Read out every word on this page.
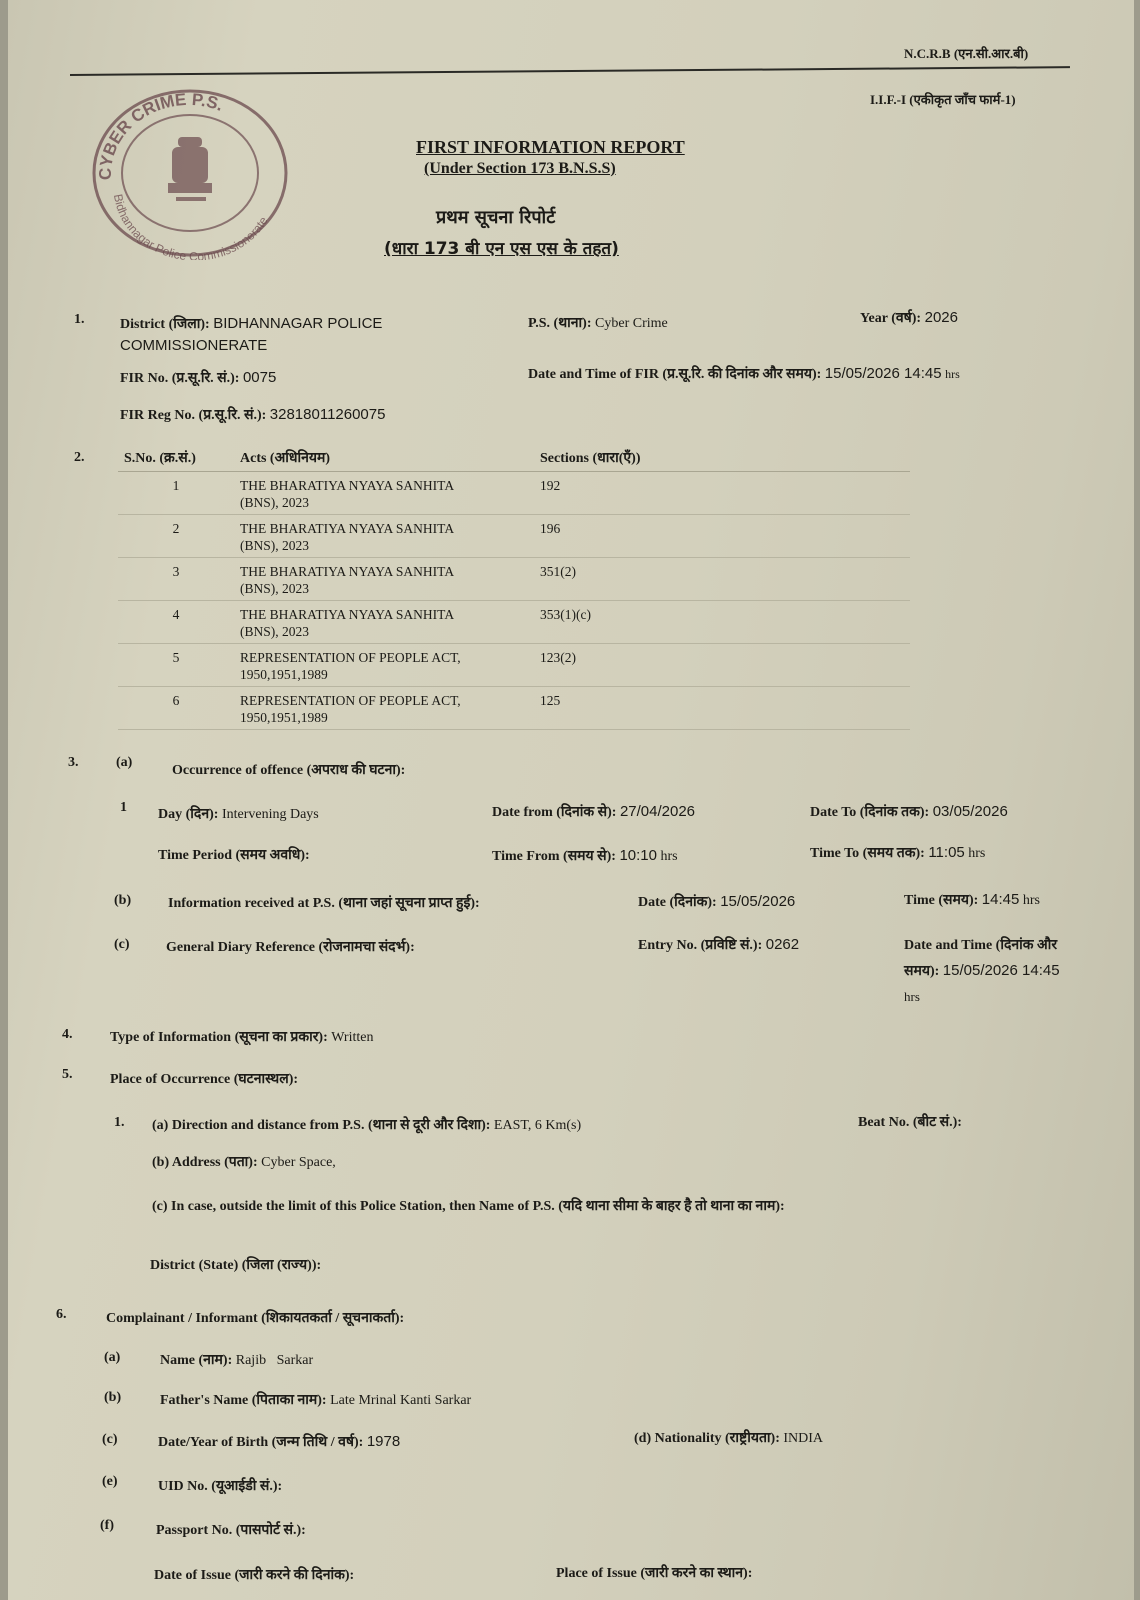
N.C.R.B (एन.सी.आर.बी)
I.I.F.-I (एकीकृत जाँच फार्म-1)
CYBER CRIME P.S.
Bidhannagar Police Commissionerate
FIRST INFORMATION REPORT
(Under Section 173 B.N.S.S)
प्रथम सूचना रिपोर्ट
(धारा 173 बी एन एस एस के तहत)
1.	District (जिला): BIDHANNAGAR POLICE
COMMISSIONERATE
P.S. (थाना): Cyber Crime	Year (वर्ष): 2026
FIR No. (प्र.सू.रि. सं.): 0075	Date and Time of FIR (प्र.सू.रि. की दिनांक और समय): 15/05/2026 14:45 hrs
FIR Reg No. (प्र.सू.रि. सं.): 32818011260075
2.	S.No. (क्र.सं.)	Acts (अधिनियम)	Sections (धारा(एँ))
1	THE BHARATIYA NYAYA SANHITA
(BNS), 2023	192
2	THE BHARATIYA NYAYA SANHITA
(BNS), 2023	196
3	THE BHARATIYA NYAYA SANHITA
(BNS), 2023	351(2)
4	THE BHARATIYA NYAYA SANHITA
(BNS), 2023	353(1)(c)
5	REPRESENTATION OF PEOPLE ACT,
1950,1951,1989	123(2)
6	REPRESENTATION OF PEOPLE ACT,
1950,1951,1989	125
3.	(a)
Occurrence of offence (अपराध की घटना):
1 Day (दिन): Intervening Days	Date from (दिनांक से): 27/04/2026	Date To (दिनांक तक): 03/05/2026
Time Period (समय अवधि):	Time From (समय से): 10:10 hrs	Time To (समय तक): 11:05 hrs
(b)	Information received at P.S. (थाना जहां सूचना प्राप्त हुई):	Date (दिनांक): 15/05/2026	Time (समय): 14:45 hrs
(c)	General Diary Reference (रोजनामचा संदर्भ):	Entry No. (प्रविष्टि सं.): 0262	Date and Time (दिनांक और
समय): 15/05/2026 14:45
hrs
4.	Type of Information (सूचना का प्रकार): Written
5.	Place of Occurrence (घटनास्थल):
1. (a) Direction and distance from P.S. (थाना से दूरी और दिशा): EAST, 6 Km(s)	Beat No. (बीट सं.):
(b) Address (पता): Cyber Space,
(c) In case, outside the limit of this Police Station, then Name of P.S. (यदि थाना सीमा के बाहर है तो थाना का नाम):
District (State) (जिला (राज्य)):
6.	Complainant / Informant (शिकायतकर्ता / सूचनाकर्ता):
(a)	Name (नाम): Rajib   Sarkar
(b)	Father's Name (पिताका नाम): Late Mrinal Kanti Sarkar
(c)	Date/Year of Birth (जन्म तिथि / वर्ष): 1978	(d) Nationality (राष्ट्रीयता): INDIA
(e)	UID No. (यूआईडी सं.):
(f)	Passport No. (पासपोर्ट सं.):
Date of Issue (जारी करने की दिनांक):	Place of Issue (जारी करने का स्थान):
